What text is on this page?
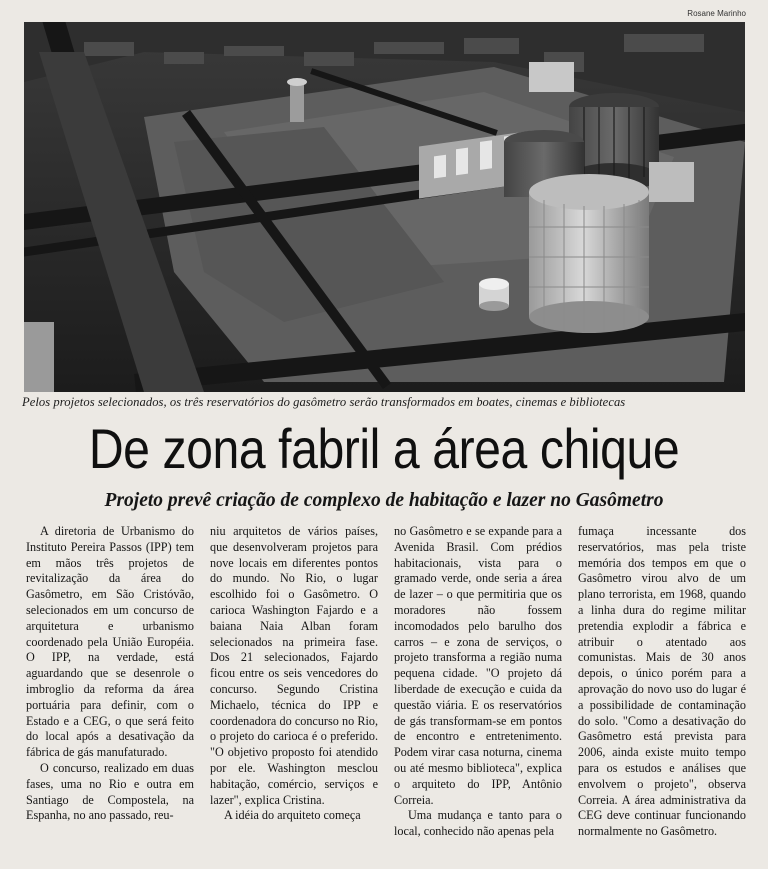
Rosane Marinho
Pelos projetos selecionados, os três reservatórios do gasômetro serão transformados em boates, cinemas e bibliotecas
De zona fabril a área chique
Projeto prevê criação de complexo de habitação e lazer no Gasômetro

A diretoria de Urbanismo do Instituto Pereira Passos (IPP) tem em mãos três projetos de revitalização da área do Gasômetro, em São Cristóvão, selecionados em um concurso de arquitetura e urbanismo coordenado pela União Européia. O IPP, na verdade, está aguardando que se desenrole o imbroglio da reforma da área portuária para definir, com o Estado e a CEG, o que será feito do local após a desativação da fábrica de gás manufaturado.

O concurso, realizado em duas fases, uma no Rio e outra em Santiago de Compostela, na Espanha, no ano passado, reu-

niu arquitetos de vários países, que desenvolveram projetos para nove locais em diferentes pontos do mundo. No Rio, o lugar escolhido foi o Gasômetro. O carioca Washington Fajardo e a baiana Naia Alban foram selecionados na primeira fase. Dos 21 selecionados, Fajardo ficou entre os seis vencedores do concurso. Segundo Cristina Michaelo, técnica do IPP e coordenadora do concurso no Rio, o projeto do carioca é o preferido. "O objetivo proposto foi atendido por ele. Washington mesclou habitação, comércio, serviços e lazer", explica Cristina.

A idéia do arquiteto começa

no Gasômetro e se expande para a Avenida Brasil. Com prédios habitacionais, vista para o gramado verde, onde seria a área de lazer – o que permitiria que os moradores não fossem incomodados pelo barulho dos carros – e zona de serviços, o projeto transforma a região numa pequena cidade. "O projeto dá liberdade de execução e cuida da questão viária. E os reservatórios de gás transformam-se em pontos de encontro e entretenimento. Podem virar casa noturna, cinema ou até mesmo biblioteca", explica o arquiteto do IPP, Antônio Correia.

Uma mudança e tanto para o local, conhecido não apenas pela

fumaça incessante dos reservatórios, mas pela triste memória dos tempos em que o Gasômetro virou alvo de um plano terrorista, em 1968, quando a linha dura do regime militar pretendia explodir a fábrica e atribuir o atentado aos comunistas. Mais de 30 anos depois, o único porém para a aprovação do novo uso do lugar é a possibilidade de contaminação do solo. "Como a desativação do Gasômetro está prevista para 2006, ainda existe muito tempo para os estudos e análises que envolvem o projeto", observa Correia. A área administrativa da CEG deve continuar funcionando normalmente no Gasômetro.
